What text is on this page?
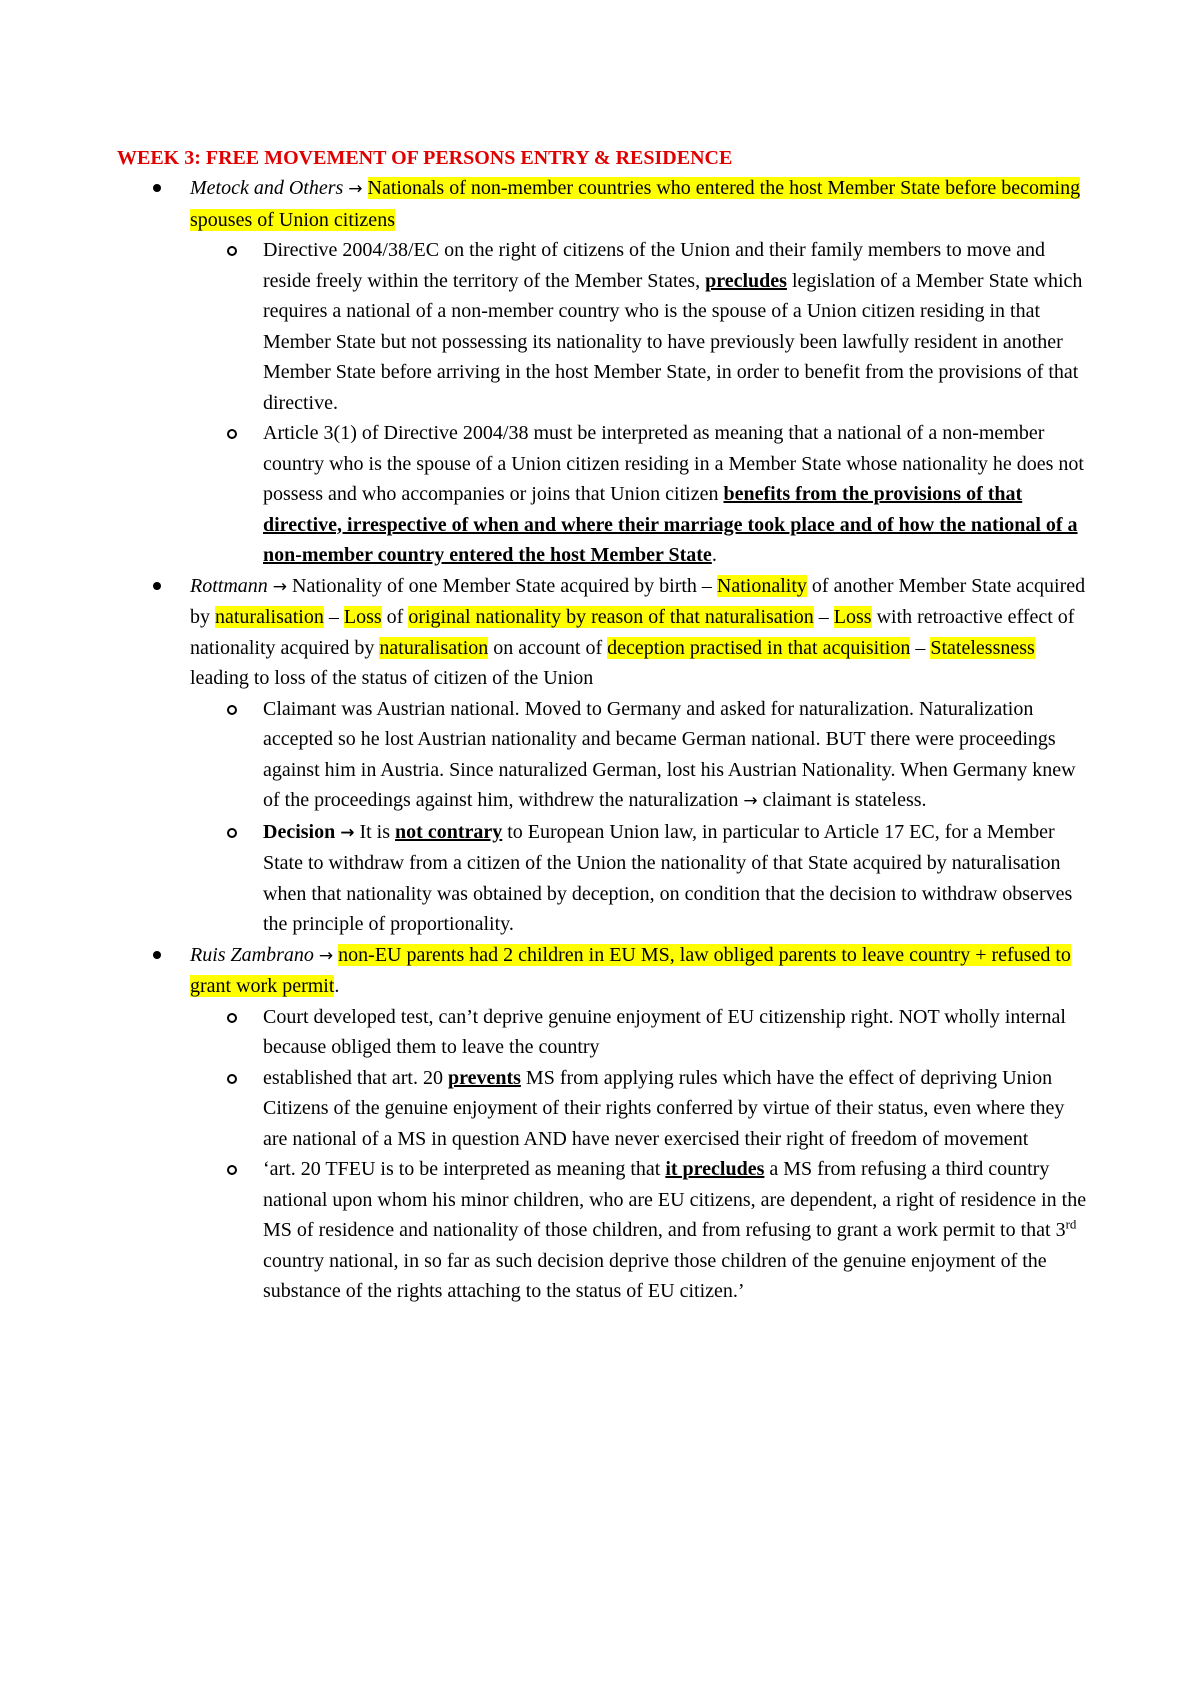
WEEK 3: FREE MOVEMENT OF PERSONS ENTRY & RESIDENCE
Metock and Others → Nationals of non-member countries who entered the host Member State before becoming spouses of Union citizens
Directive 2004/38/EC on the right of citizens of the Union and their family members to move and reside freely within the territory of the Member States, precludes legislation of a Member State which requires a national of a non-member country who is the spouse of a Union citizen residing in that Member State but not possessing its nationality to have previously been lawfully resident in another Member State before arriving in the host Member State, in order to benefit from the provisions of that directive.
Article 3(1) of Directive 2004/38 must be interpreted as meaning that a national of a non-member country who is the spouse of a Union citizen residing in a Member State whose nationality he does not possess and who accompanies or joins that Union citizen benefits from the provisions of that directive, irrespective of when and where their marriage took place and of how the national of a non-member country entered the host Member State.
Rottmann → Nationality of one Member State acquired by birth – Nationality of another Member State acquired by naturalisation – Loss of original nationality by reason of that naturalisation – Loss with retroactive effect of nationality acquired by naturalisation on account of deception practised in that acquisition – Statelessness leading to loss of the status of citizen of the Union
Claimant was Austrian national. Moved to Germany and asked for naturalization. Naturalization accepted so he lost Austrian nationality and became German national. BUT there were proceedings against him in Austria. Since naturalized German, lost his Austrian Nationality. When Germany knew of the proceedings against him, withdrew the naturalization → claimant is stateless.
Decision → It is not contrary to European Union law, in particular to Article 17 EC, for a Member State to withdraw from a citizen of the Union the nationality of that State acquired by naturalisation when that nationality was obtained by deception, on condition that the decision to withdraw observes the principle of proportionality.
Ruis Zambrano → non-EU parents had 2 children in EU MS, law obliged parents to leave country + refused to grant work permit.
Court developed test, can’t deprive genuine enjoyment of EU citizenship right. NOT wholly internal because obliged them to leave the country
established that art. 20 prevents MS from applying rules which have the effect of depriving Union Citizens of the genuine enjoyment of their rights conferred by virtue of their status, even where they are national of a MS in question AND have never exercised their right of freedom of movement
‘art. 20 TFEU is to be interpreted as meaning that it precludes a MS from refusing a third country national upon whom his minor children, who are EU citizens, are dependent, a right of residence in the MS of residence and nationality of those children, and from refusing to grant a work permit to that 3rd country national, in so far as such decision deprive those children of the genuine enjoyment of the substance of the rights attaching to the status of EU citizen.’
